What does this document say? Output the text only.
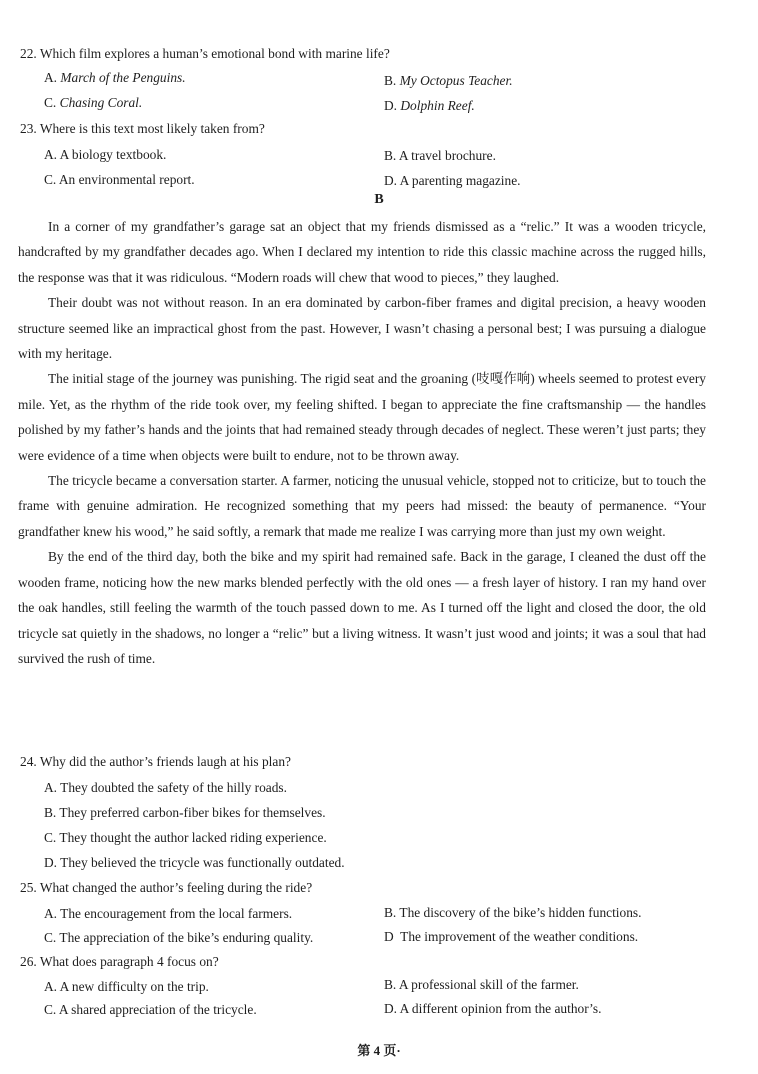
22. Which film explores a human’s emotional bond with marine life?
A. March of the Penguins.	B. My Octopus Teacher.
C. Chasing Coral.	D. Dolphin Reef.
23. Where is this text most likely taken from?
A. A biology textbook.	B. A travel brochure.
C. An environmental report.	D. A parenting magazine.
B

In a corner of my grandfather’s garage sat an object that my friends dismissed as a “relic.” It was a wooden tricycle, handcrafted by my grandfather decades ago. When I declared my intention to ride this classic machine across the rugged hills, the response was that it was ridiculous. “Modern roads will chew that wood to pieces,” they laughed.

Their doubt was not without reason. In an era dominated by carbon-fiber frames and digital precision, a heavy wooden structure seemed like an impractical ghost from the past. However, I wasn’t chasing a personal best; I was pursuing a dialogue with my heritage.

The initial stage of the journey was punishing. The rigid seat and the groaning (吱嘎作响) wheels seemed to protest every mile. Yet, as the rhythm of the ride took over, my feeling shifted. I began to appreciate the fine craftsmanship — the handles polished by my father’s hands and the joints that had remained steady through decades of neglect. These weren’t just parts; they were evidence of a time when objects were built to endure, not to be thrown away.

The tricycle became a conversation starter. A farmer, noticing the unusual vehicle, stopped not to criticize, but to touch the frame with genuine admiration. He recognized something that my peers had missed: the beauty of permanence. “Your grandfather knew his wood,” he said softly, a remark that made me realize I was carrying more than just my own weight.

By the end of the third day, both the bike and my spirit had remained safe. Back in the garage, I cleaned the dust off the wooden frame, noticing how the new marks blended perfectly with the old ones — a fresh layer of history. I ran my hand over the oak handles, still feeling the warmth of the touch passed down to me. As I turned off the light and closed the door, the old tricycle sat quietly in the shadows, no longer a “relic” but a living witness. It wasn’t just wood and joints; it was a soul that had survived the rush of time.

24. Why did the author’s friends laugh at his plan?
A. They doubted the safety of the hilly roads.
B. They preferred carbon-fiber bikes for themselves.
C. They thought the author lacked riding experience.
D. They believed the tricycle was functionally outdated.
25. What changed the author’s feeling during the ride?
A. The encouragement from the local farmers.	B. The discovery of the bike’s hidden functions.
C. The appreciation of the bike’s enduring quality.	D The improvement of the weather conditions.
26. What does paragraph 4 focus on?
A. A new difficulty on the trip.	B. A professional skill of the farmer.
C. A shared appreciation of the tricycle.	D. A different opinion from the author’s.
第 4 页·
